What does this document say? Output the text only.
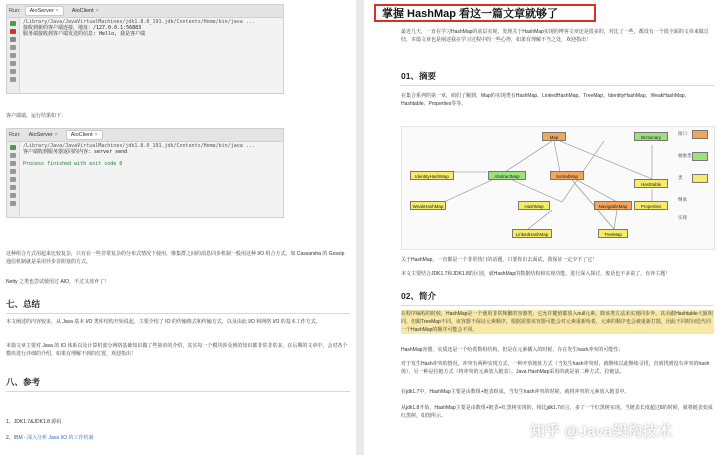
Run: AioServer × AioClient ×
/Library/Java/JavaVirtualMachines/jdk1.8.0_191.jdk/Contents/Home/bin/java ...
接收到新的客户端连接，地址：/127.0.0.1:56883
服务端接收到客户端发送的信息: Hello, 我是客户端
客户端端，运行结果如下：
Run: AioServer × AioClient ×
/Library/Java/JavaVirtualMachines/jdk1.8.0_191.jdk/Contents/Home/bin/java ...
客户端收到服务器返回的内容: server send
Process finished with exit code 0
这种组合方式用起来比较复杂，只有在一些非常复杂的分布式情况下使用，像集群之间的消息同步机制一般用这种 I/O 组合方式。如 Cassandra 的 Gossip 通信机制就是采用异步非阻塞的方式。
Netty 之类也尝试使用过 AIO，不过又放弃了！
七、总结
本文阐述的内容较多，从 Java 基本 I/O 类库结构开始说起，主要介绍了 IO 的传输格式和传输方式，以及由此 I/O 和网络 I/O 的基本工作方式。
本篇文章主要对 Java 的 IO 体系以及计算机部分网络基础知识做了些简单的介绍，其实每一个模块涉及到的知识都非常非常多，在后期的文章中，会对各个模块进行详细的介绍，如果有理解不到的位置，欢迎指出！
八、参考
1、JDK1.7&JDK1.8 源码
2、IBM - 深入分析 Java I/O 的工作机制
掌握 HashMap 看这一篇文章就够了
最近几天，一直在学习HashMap的底层实现，发现关于HashMap实现的博客文章还是很多的，对比了一些，都没有一个很全面的文章来做总结，本篇文章也是阐述我在学习过程中的一些心得，如果有理解不当之处，欢迎指出！
01、摘要
在集合系列的第一章，咱们了解到，Map的实现类有HashMap、LinkedHashMap、TreeMap、IdentityHashMap、WeakHashMap、Hashtable、Properties等等。
Map
AbstractMap	SortedMap
Dictionary
IdentityHashMap
HashMap	NavigableMap
Hashtable
WeakHashMap
LinkedHashMap	TreeMap
Properties
接口
抽象类
类
继承
实现
关于HashMap，一直都是一个非常热门的话题，只要你出去面试，我保证一定少不了它！
本文主要结合JDK1.7和JDK1.8的区别，就HashMap的数据结构和实现功能，进行深入探讨，废话也不多说了，直奔主题！
02、简介
在程序编程的时候，HashMap是一个使用非常频繁的容器类，它允许键值都放入null元素。除该类方法未实现同步外，其余跟Hashtable大致相同，但跟TreeMap不同，该容器不保证元素顺序，根据需要该容器可能会对元素重新哈希，元素的顺序也会被重新打散，因此不同时间迭代同一个HashMap的顺序可能会不同。
HashMap容器，实质还是一个哈希数组结构，但是在元素插入的时候，存在发生hash冲突的可能性；
对于发生Hash冲突的情况，冲突有两种实现方式，一种开放地址方式（当发生hash冲突时，就继续以此继续寻找，直到找到没有冲突的hash值），另一种是拉链方式（将冲突的元素放入链表）。Java HashMap采用的就是第二种方式，拉链法。
在jdk1.7中，HashMap主要是由数组+链表组成，当发生hash冲突的时候，就将冲突的元素放入链表中。
从jdk1.8开始，HashMap主要是由数组+链表+红黑树实现的，相比jdk1.7而言，多了一个红黑树实现。当链表长度超过8的时候，就将链表变成红黑树，如图所示。
知乎 @Java架构技术
